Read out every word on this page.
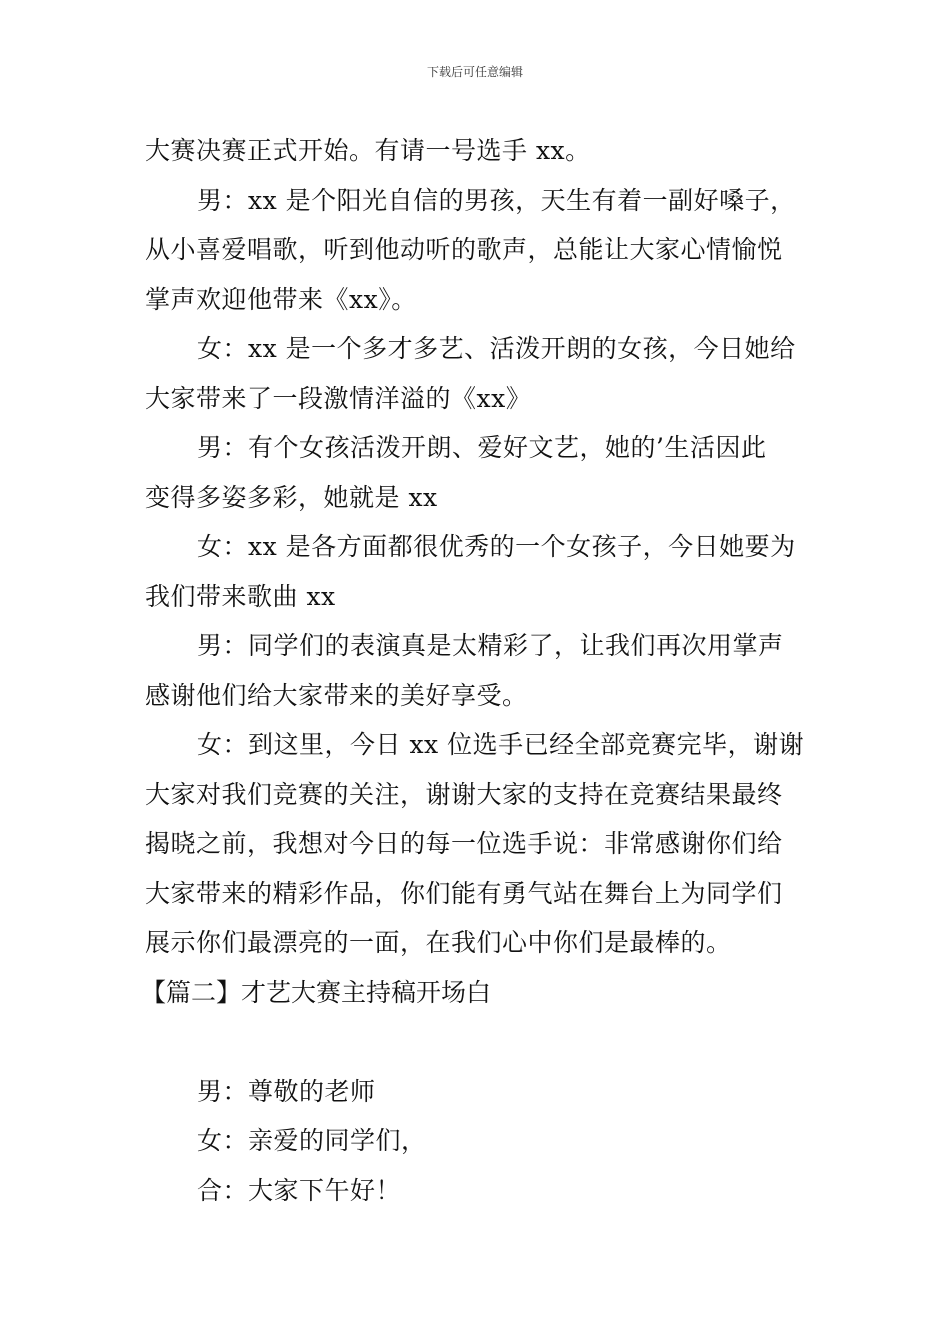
下载后可任意编辑
大赛决赛正式开始。有请一号选手 xx。
男：xx 是个阳光自信的男孩，天生有着一副好嗓子，
从小喜爱唱歌，听到他动听的歌声，总能让大家心情愉悦
掌声欢迎他带来《xx》。
女：xx 是一个多才多艺、活泼开朗的女孩，今日她给
大家带来了一段激情洋溢的《xx》
男：有个女孩活泼开朗、爱好文艺，她的’生活因此
变得多姿多彩，她就是 xx
女：xx 是各方面都很优秀的一个女孩子，今日她要为
我们带来歌曲 xx
男：同学们的表演真是太精彩了，让我们再次用掌声
感谢他们给大家带来的美好享受。
女：到这里，今日 xx 位选手已经全部竞赛完毕，谢谢
大家对我们竞赛的关注，谢谢大家的支持在竞赛结果最终
揭晓之前，我想对今日的每一位选手说：非常感谢你们给
大家带来的精彩作品，你们能有勇气站在舞台上为同学们
展示你们最漂亮的一面，在我们心中你们是最棒的。
【篇二】才艺大赛主持稿开场白
男：尊敬的老师
女：亲爱的同学们，
合：大家下午好！
